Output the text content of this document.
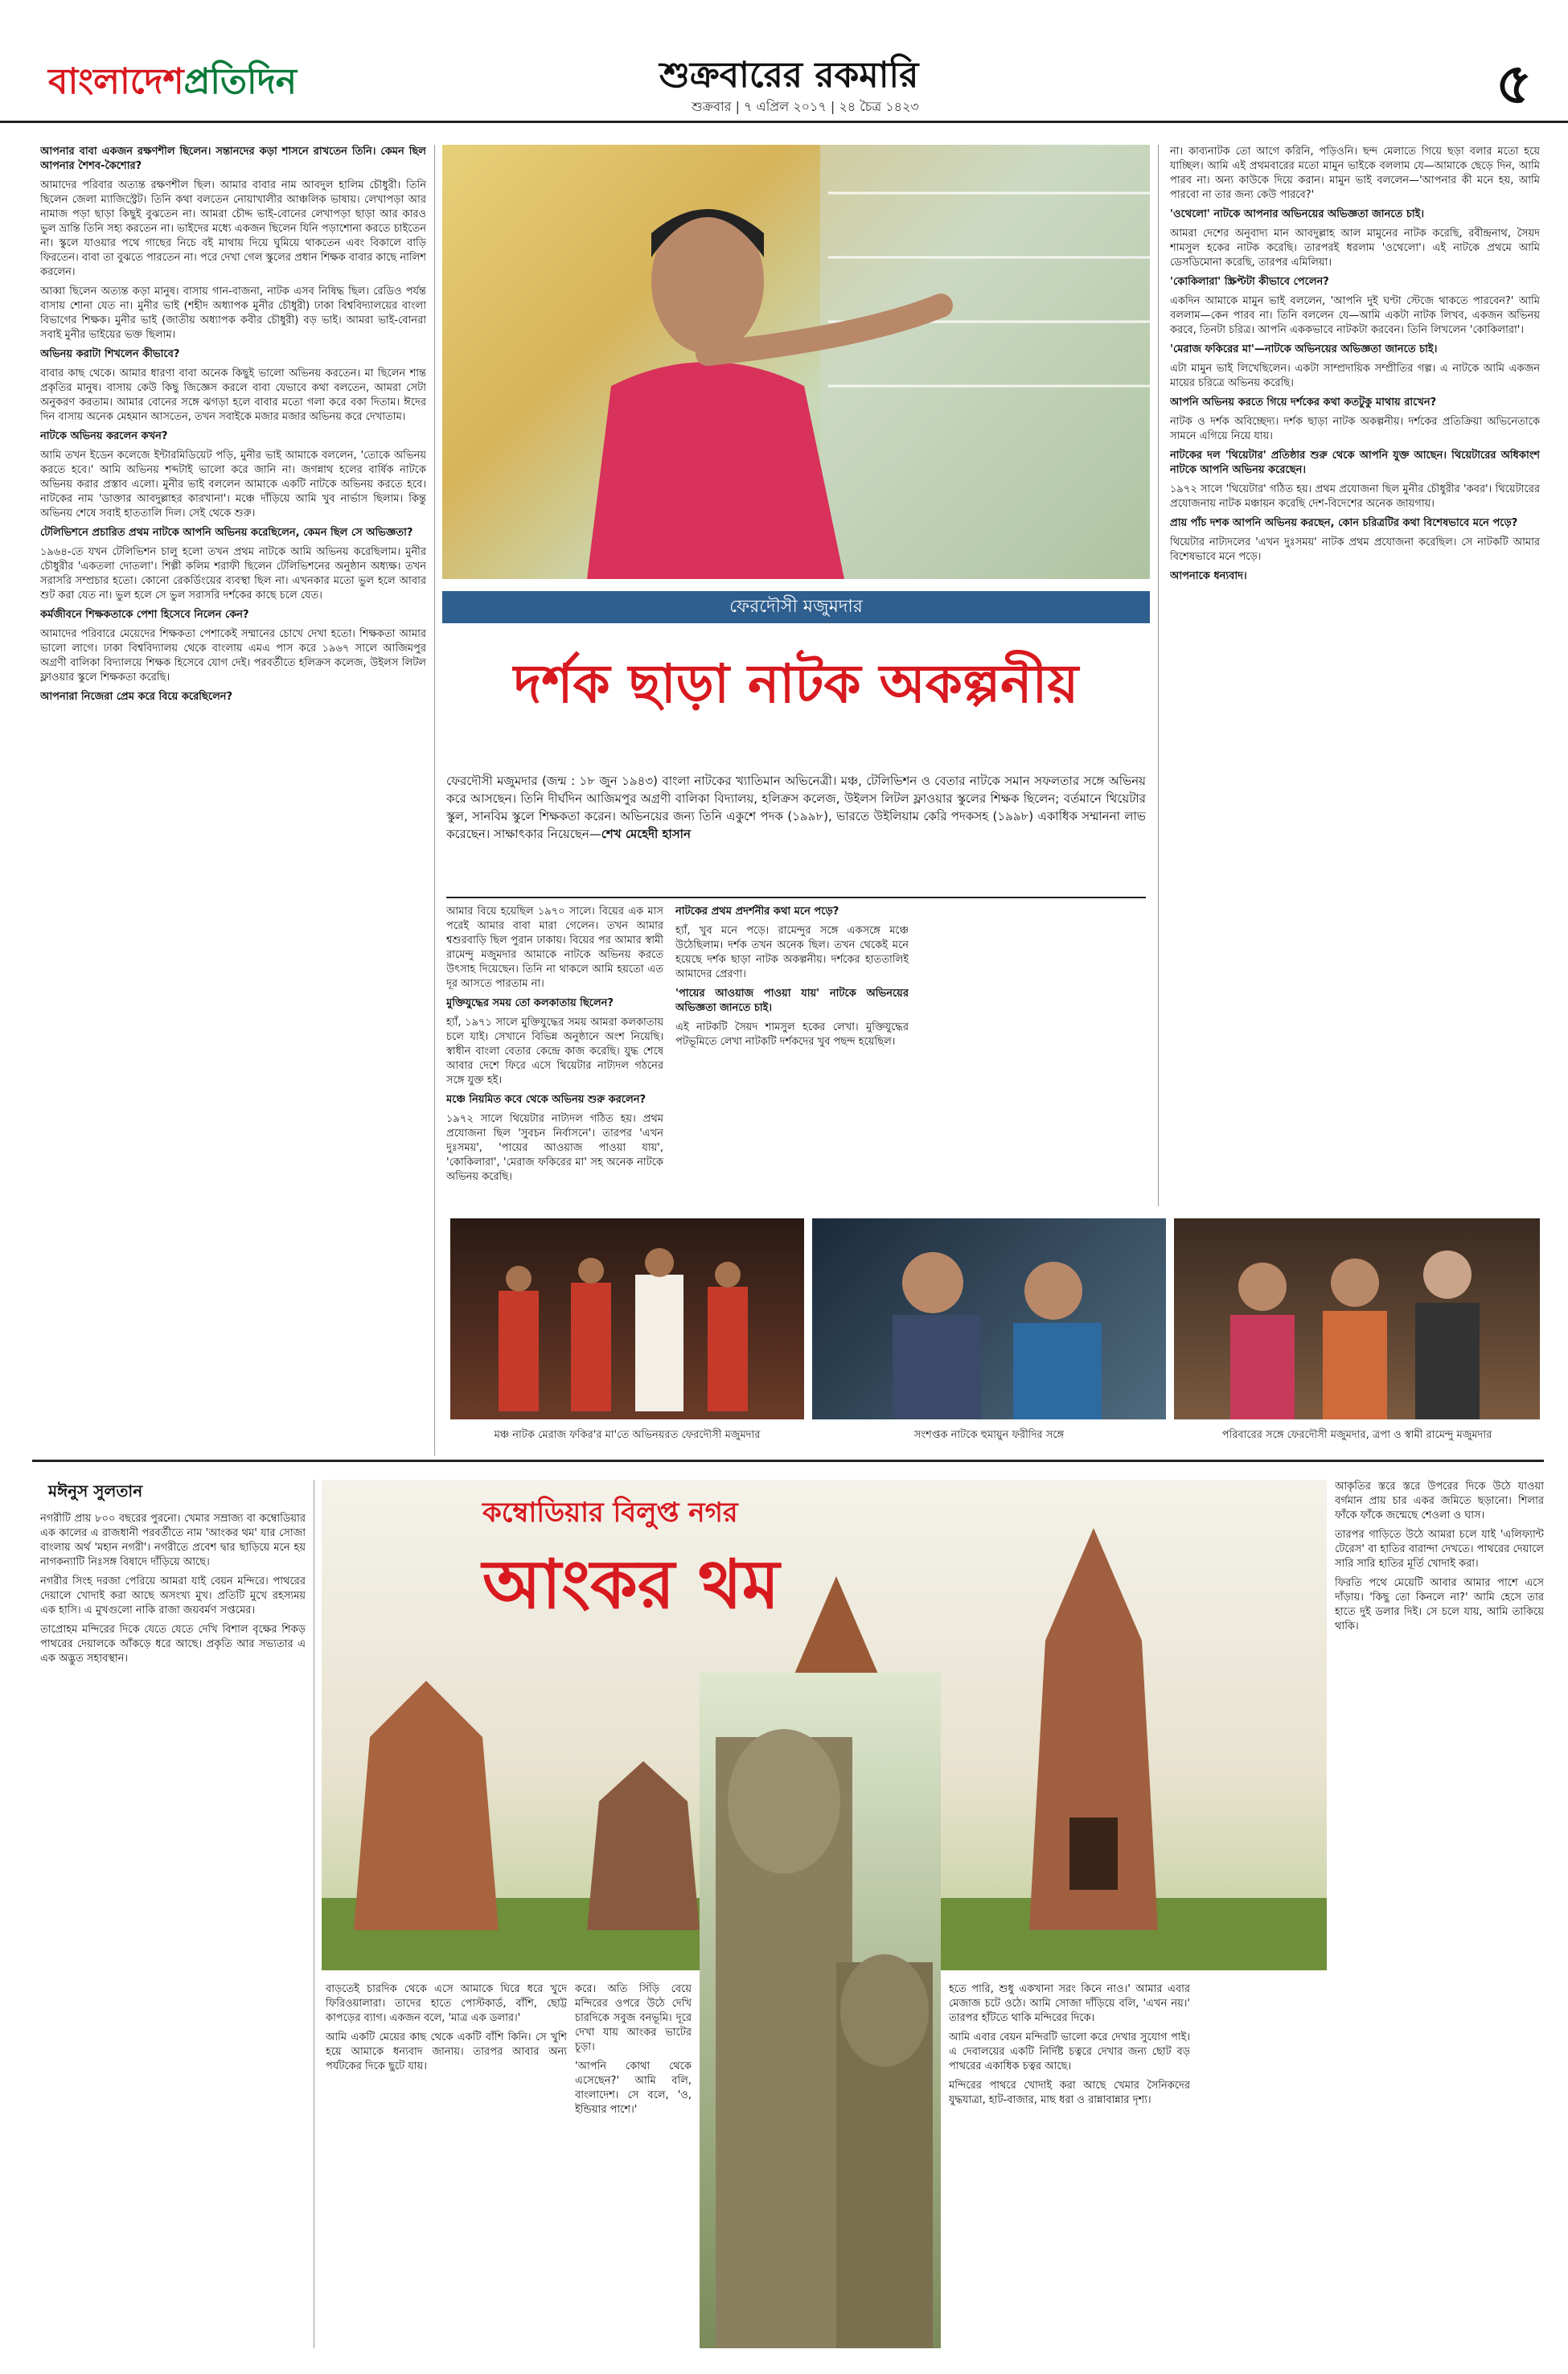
বাংলাদেশপ্রতিদিন	শুক্রবারের রকমারি
শুক্রবার | ৭ এপ্রিল ২০১৭ | ২৪ চৈত্র ১৪২৩	৫

আপনার বাবা একজন রক্ষণশীল ছিলেন। সন্তানদের কড়া শাসনে রাখতেন তিনি। কেমন ছিল আপনার শৈশব-কৈশোর?

আমাদের পরিবার অত্যন্ত রক্ষণশীল ছিল। আমার বাবার নাম আবদুল হালিম চৌধুরী। তিনি ছিলেন জেলা ম্যাজিস্ট্রেট। তিনি কথা বলতেন নোয়াখালীর আঞ্চলিক ভাষায়। লেখাপড়া আর নামাজ পড়া ছাড়া কিছুই বুঝতেন না। আমরা চৌদ্দ ভাই-বোনের লেখাপড়া ছাড়া আর কারও ভুল ভ্রান্তি তিনি সহ্য করতেন না। ভাইদের মধ্যে একজন ছিলেন যিনি পড়াশোনা করতে চাইতেন না। স্কুলে যাওয়ার পথে গাছের নিচে বই মাথায় দিয়ে ঘুমিয়ে থাকতেন এবং বিকালে বাড়ি ফিরতেন। বাবা তা বুঝতে পারতেন না। পরে দেখা গেল স্কুলের প্রধান শিক্ষক বাবার কাছে নালিশ করলেন।

আব্বা ছিলেন অত্যন্ত কড়া মানুষ। বাসায় গান-বাজনা, নাটক এসব নিষিদ্ধ ছিল। রেডিও পর্যন্ত বাসায় শোনা যেত না। মুনীর ভাই (শহীদ অধ্যাপক মুনীর চৌধুরী) ঢাকা বিশ্ববিদ্যালয়ের বাংলা বিভাগের শিক্ষক। মুনীর ভাই (জাতীয় অধ্যাপক কবীর চৌধুরী) বড় ভাই। আমরা ভাই-বোনরা সবাই মুনীর ভাইয়ের ভক্ত ছিলাম।

অভিনয় করাটা শিখলেন কীভাবে?

বাবার কাছ থেকে। আমার ধারণা বাবা অনেক কিছুই ভালো অভিনয় করতেন। মা ছিলেন শান্ত প্রকৃতির মানুষ। বাসায় কেউ কিছু জিজ্ঞেস করলে বাবা যেভাবে কথা বলতেন, আমরা সেটা অনুকরণ করতাম। আমার বোনের সঙ্গে ঝগড়া হলে বাবার মতো গলা করে বকা দিতাম। ঈদের দিন বাসায় অনেক মেহমান আসতেন, তখন সবাইকে মজার মজার অভিনয় করে দেখাতাম।

নাটকে অভিনয় করলেন কখন?

আমি তখন ইডেন কলেজে ইন্টারমিডিয়েট পড়ি, মুনীর ভাই আমাকে বললেন, 'তোকে অভিনয় করতে হবে।' আমি অভিনয় শব্দটাই ভালো করে জানি না। জগন্নাথ হলের বার্ষিক নাটকে অভিনয় করার প্রস্তাব এলো। মুনীর ভাই বললেন আমাকে একটি নাটকে অভিনয় করতে হবে। নাটকের নাম 'ডাক্তার আবদুল্লাহর কারখানা'। মঞ্চে দাঁড়িয়ে আমি খুব নার্ভাস ছিলাম। কিন্তু অভিনয় শেষে সবাই হাততালি দিল। সেই থেকে শুরু।

টেলিভিশনে প্রচারিত প্রথম নাটকে আপনি অভিনয় করেছিলেন, কেমন ছিল সে অভিজ্ঞতা?

১৯৬৪-তে যখন টেলিভিশন চালু হলো তখন প্রথম নাটকে আমি অভিনয় করেছিলাম। মুনীর চৌধুরীর 'একতলা দোতলা'। শিল্পী কলিম শরাফী ছিলেন টেলিভিশনের অনুষ্ঠান অধ্যক্ষ। তখন সরাসরি সম্প্রচার হতো। কোনো রেকর্ডিংয়ের ব্যবস্থা ছিল না। এখনকার মতো ভুল হলে আবার শুট করা যেত না। ভুল হলে সে ভুল সরাসরি দর্শকের কাছে চলে যেত।

কর্মজীবনে শিক্ষকতাকে পেশা হিসেবে নিলেন কেন?

আমাদের পরিবারে মেয়েদের শিক্ষকতা পেশাকেই সম্মানের চোখে দেখা হতো। শিক্ষকতা আমার ভালো লাগে। ঢাকা বিশ্ববিদ্যালয় থেকে বাংলায় এমএ পাস করে ১৯৬৭ সালে আজিমপুর অগ্রণী বালিকা বিদ্যালয়ে শিক্ষক হিসেবে যোগ দেই। পরবর্তীতে হলিক্রস কলেজ, উইলস লিটল ফ্লাওয়ার স্কুলে শিক্ষকতা করেছি।

আপনারা নিজেরা প্রেম করে বিয়ে করেছিলেন?

ফেরদৌসী মজুমদার
দর্শক ছাড়া নাটক অকল্পনীয়
ফেরদৌসী মজুমদার (জন্ম : ১৮ জুন ১৯৪৩) বাংলা নাটকের খ্যাতিমান অভিনেত্রী। মঞ্চ, টেলিভিশন ও বেতার নাটকে সমান সফলতার সঙ্গে অভিনয় করে আসছেন। তিনি দীর্ঘদিন আজিমপুর অগ্রণী বালিকা বিদ্যালয়, হলিক্রস কলেজ, উইলস লিটল ফ্লাওয়ার স্কুলের শিক্ষক ছিলেন; বর্তমানে থিয়েটার স্কুল, সানবিম স্কুলে শিক্ষকতা করেন। অভিনয়ের জন্য তিনি একুশে পদক (১৯৯৮), ভারতে উইলিয়াম কেরি পদকসহ (১৯৯৮) একাধিক সম্মাননা লাভ করেছেন। সাক্ষাৎকার নিয়েছেন—শেখ মেহেদী হাসান

আমার বিয়ে হয়েছিল ১৯৭০ সালে। বিয়ের এক মাস পরেই আমার বাবা মারা গেলেন। তখন আমার শ্বশুরবাড়ি ছিল পুরান ঢাকায়। বিয়ের পর আমার স্বামী রামেন্দু মজুমদার আমাকে নাটকে অভিনয় করতে উৎসাহ দিয়েছেন। তিনি না থাকলে আমি হয়তো এত দূর আসতে পারতাম না।

মুক্তিযুদ্ধের সময় তো কলকাতায় ছিলেন?

হ্যাঁ, ১৯৭১ সালে মুক্তিযুদ্ধের সময় আমরা কলকাতায় চলে যাই। সেখানে বিভিন্ন অনুষ্ঠানে অংশ নিয়েছি। স্বাধীন বাংলা বেতার কেন্দ্রে কাজ করেছি। যুদ্ধ শেষে আবার দেশে ফিরে এসে থিয়েটার নাট্যদল গঠনের সঙ্গে যুক্ত হই।

মঞ্চে নিয়মিত কবে থেকে অভিনয় শুরু করলেন?

১৯৭২ সালে থিয়েটার নাট্যদল গঠিত হয়। প্রথম প্রযোজনা ছিল 'সুবচন নির্বাসনে'। তারপর 'এখন দুঃসময়', 'পায়ের আওয়াজ পাওয়া যায়', 'কোকিলারা', 'মেরাজ ফকিরের মা' সহ অনেক নাটকে অভিনয় করেছি।

নাটকের প্রথম প্রদর্শনীর কথা মনে পড়ে?

হ্যাঁ, খুব মনে পড়ে। রামেন্দুর সঙ্গে একসঙ্গে মঞ্চে উঠেছিলাম। দর্শক তখন অনেক ছিল। তখন থেকেই মনে হয়েছে দর্শক ছাড়া নাটক অকল্পনীয়। দর্শকের হাততালিই আমাদের প্রেরণা।

'পায়ের আওয়াজ পাওয়া যায়' নাটকে অভিনয়ের অভিজ্ঞতা জানতে চাই।

এই নাটকটি সৈয়দ শামসুল হকের লেখা। মুক্তিযুদ্ধের পটভূমিতে লেখা নাটকটি দর্শকদের খুব পছন্দ হয়েছিল।

না। কাব্যনাটক তো আগে করিনি, পড়িওনি। ছন্দ মেলাতে গিয়ে ছড়া বলার মতো হয়ে যাচ্ছিল। আমি এই প্রথমবারের মতো মামুন ভাইকে বললাম যে—আমাকে ছেড়ে দিন, আমি পারব না। অন্য কাউকে দিয়ে করান। মামুন ভাই বললেন—'আপনার কী মনে হয়, আমি পারবো না তার জন্য কেউ পারবে?'

'ওথেলো' নাটকে আপনার অভিনয়ের অভিজ্ঞতা জানতে চাই।

আমরা দেশের অনুবাদ্য মান আবদুল্লাহ আল মামুনের নাটক করেছি, রবীন্দ্রনাথ, সৈয়দ শামসুল হকের নাটক করেছি। তারপরই ধরলাম 'ওথেলো'। এই নাটকে প্রথমে আমি ডেসডিমোনা করেছি, তারপর এমিলিয়া।

'কোকিলারা' স্ক্রিপ্টটা কীভাবে পেলেন?

একদিন আমাকে মামুন ভাই বললেন, 'আপনি দুই ঘণ্টা স্টেজে থাকতে পারবেন?' আমি বললাম—কেন পারব না। তিনি বললেন যে—আমি একটা নাটক লিখব, একজন অভিনয় করবে, তিনটা চরিত্র। আপনি এককভাবে নাটকটা করবেন। তিনি লিখলেন 'কোকিলারা'।

'মেরাজ ফকিরের মা'—নাটকে অভিনয়ের অভিজ্ঞতা জানতে চাই।

এটা মামুন ভাই লিখেছিলেন। একটা সাম্প্রদায়িক সম্প্রীতির গল্প। এ নাটকে আমি একজন মায়ের চরিত্রে অভিনয় করেছি।

আপনি অভিনয় করতে গিয়ে দর্শকের কথা কতটুকু মাথায় রাখেন?

নাটক ও দর্শক অবিচ্ছেদ্য। দর্শক ছাড়া নাটক অকল্পনীয়। দর্শকের প্রতিক্রিয়া অভিনেতাকে সামনে এগিয়ে নিয়ে যায়।

নাটকের দল 'থিয়েটার' প্রতিষ্ঠার শুরু থেকে আপনি যুক্ত আছেন। থিয়েটারের অধিকাংশ নাটকে আপনি অভিনয় করেছেন।

১৯৭২ সালে 'থিয়েটার' গঠিত হয়। প্রথম প্রযোজনা ছিল মুনীর চৌধুরীর 'কবর'। থিয়েটারের প্রযোজনায় নাটক মঞ্চায়ন করেছি দেশ-বিদেশের অনেক জায়গায়।

প্রায় পাঁচ দশক আপনি অভিনয় করছেন, কোন চরিত্রটির কথা বিশেষভাবে মনে পড়ে?

থিয়েটার নাট্যদলের 'এখন দুঃসময়' নাটক প্রথম প্রযোজনা করেছিল। সে নাটকটি আমার বিশেষভাবে মনে পড়ে।

আপনাকে ধন্যবাদ।

মঞ্চ নাটক মেরাজ ফকির'র মা'তে অভিনয়রত ফেরদৌসী মজুমদার	সংশপ্তক নাটকে হুমায়ুন ফরীদির সঙ্গে	পরিবারের সঙ্গে ফেরদৌসী মজুমদার, ত্রপা ও স্বামী রামেন্দু মজুমদার
মঈনুস সুলতান

নগরীটি প্রায় ৮০০ বছরের পুরনো। খেমার সম্রাজ্য বা কম্বোডিয়ার এক কালের এ রাজধানী পরবর্তীতে নাম 'আংকর থম' যার সোজা বাংলায় অর্থ 'মহান নগরী'। নগরীতে প্রবেশ দ্বার ছাড়িয়ে মনে হয় নাগকন্যাটি নিঃসঙ্গ বিষাদে দাঁড়িয়ে আছে।

নগরীর সিংহ দরজা পেরিয়ে আমরা যাই বেয়ন মন্দিরে। পাথরের দেয়ালে খোদাই করা আছে অসংখ্য মুখ। প্রতিটি মুখে রহস্যময় এক হাসি। এ মুখগুলো নাকি রাজা জয়বর্মণ সপ্তমের।

তাপ্রোহম মন্দিরের দিকে যেতে যেতে দেখি বিশাল বৃক্ষের শিকড় পাথরের দেয়ালকে আঁকড়ে ধরে আছে। প্রকৃতি আর সভ্যতার এ এক অদ্ভুত সহাবস্থান।

কম্বোডিয়ার বিলুপ্ত নগর
আংকর থম

বাড়তেই চারদিক থেকে এসে আমাকে ঘিরে ধরে খুদে ফিরিওয়ালারা। তাদের হাতে পোস্টকার্ড, বাঁশি, ছোট্ট কাপড়ের ব্যাগ। একজন বলে, 'মাত্র এক ডলার।'

আমি একটি মেয়ের কাছ থেকে একটি বাঁশি কিনি। সে খুশি হয়ে আমাকে ধন্যবাদ জানায়। তারপর আবার অন্য পর্যটকের দিকে ছুটে যায়।

করে। অতি সিঁড়ি বেয়ে মন্দিরের ওপরে উঠে দেখি চারদিকে সবুজ বনভূমি। দূরে দেখা যায় আংকর ভাটের চূড়া।

'আপনি কোথা থেকে এসেছেন?' আমি বলি, বাংলাদেশ। সে বলে, 'ও, ইন্ডিয়ার পাশে।'

হতে পারি, শুধু একখানা সরং কিনে নাও।' আমার এবার মেজাজ চটে ওঠে। আমি সোজা দাঁড়িয়ে বলি, 'এখন নয়।' তারপর হাঁটতে থাকি মন্দিরের দিকে।

আমি এবার বেয়ন মন্দিরটি ভালো করে দেখার সুযোগ পাই। এ দেবালয়ের একটি নির্দিষ্ট চত্বরে দেখার জন্য ছোট বড় পাথরের একাধিক চত্বর আছে।

মন্দিরের পাথরে খোদাই করা আছে খেমার সৈনিকদের যুদ্ধযাত্রা, হাট-বাজার, মাছ ধরা ও রান্নাবান্নার দৃশ্য।

আকৃতির স্তরে স্তরে উপরের দিকে উঠে যাওয়া বর্গমান প্রায় চার একর জমিতে ছড়ানো। শিলার ফাঁকে ফাঁকে জন্মেছে শেওলা ও ঘাস।

তারপর গাড়িতে উঠে আমরা চলে যাই 'এলিফ্যান্ট টেরেস' বা হাতির বারান্দা দেখতে। পাথরের দেয়ালে সারি সারি হাতির মূর্তি খোদাই করা।

ফিরতি পথে মেয়েটি আবার আমার পাশে এসে দাঁড়ায়। 'কিছু তো কিনলে না?' আমি হেসে তার হাতে দুই ডলার দিই। সে চলে যায়, আমি তাকিয়ে থাকি।
